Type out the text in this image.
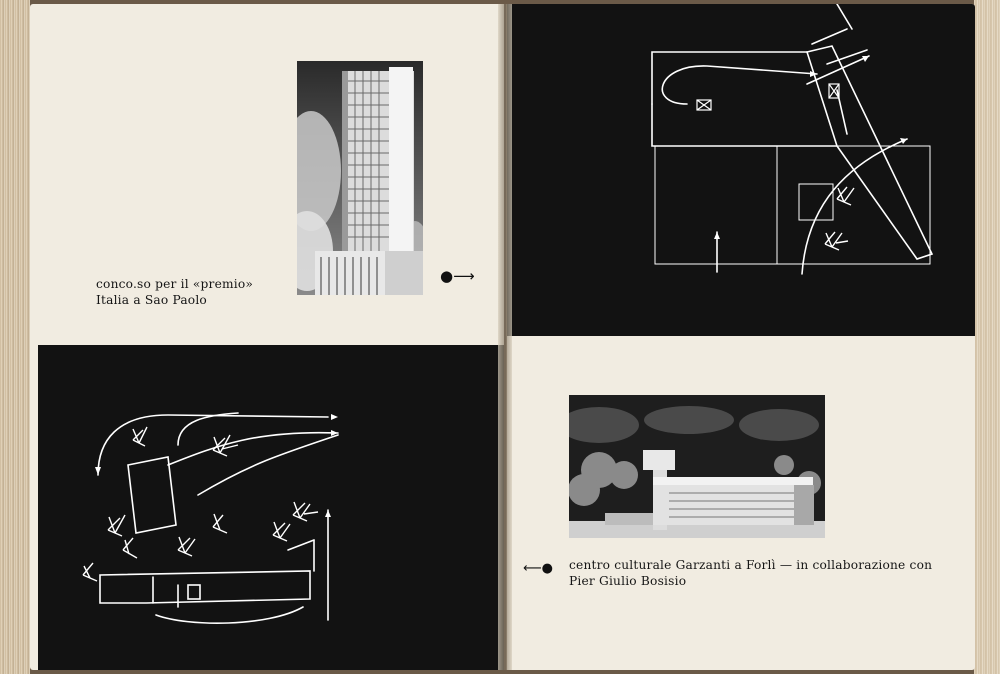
conco.so per il «premio»
Italia a Sao Paolo
●⟶
centro culturale Garzanti a Forlì — in collaborazione con
Pier Giulio Bosisio
⟵●
